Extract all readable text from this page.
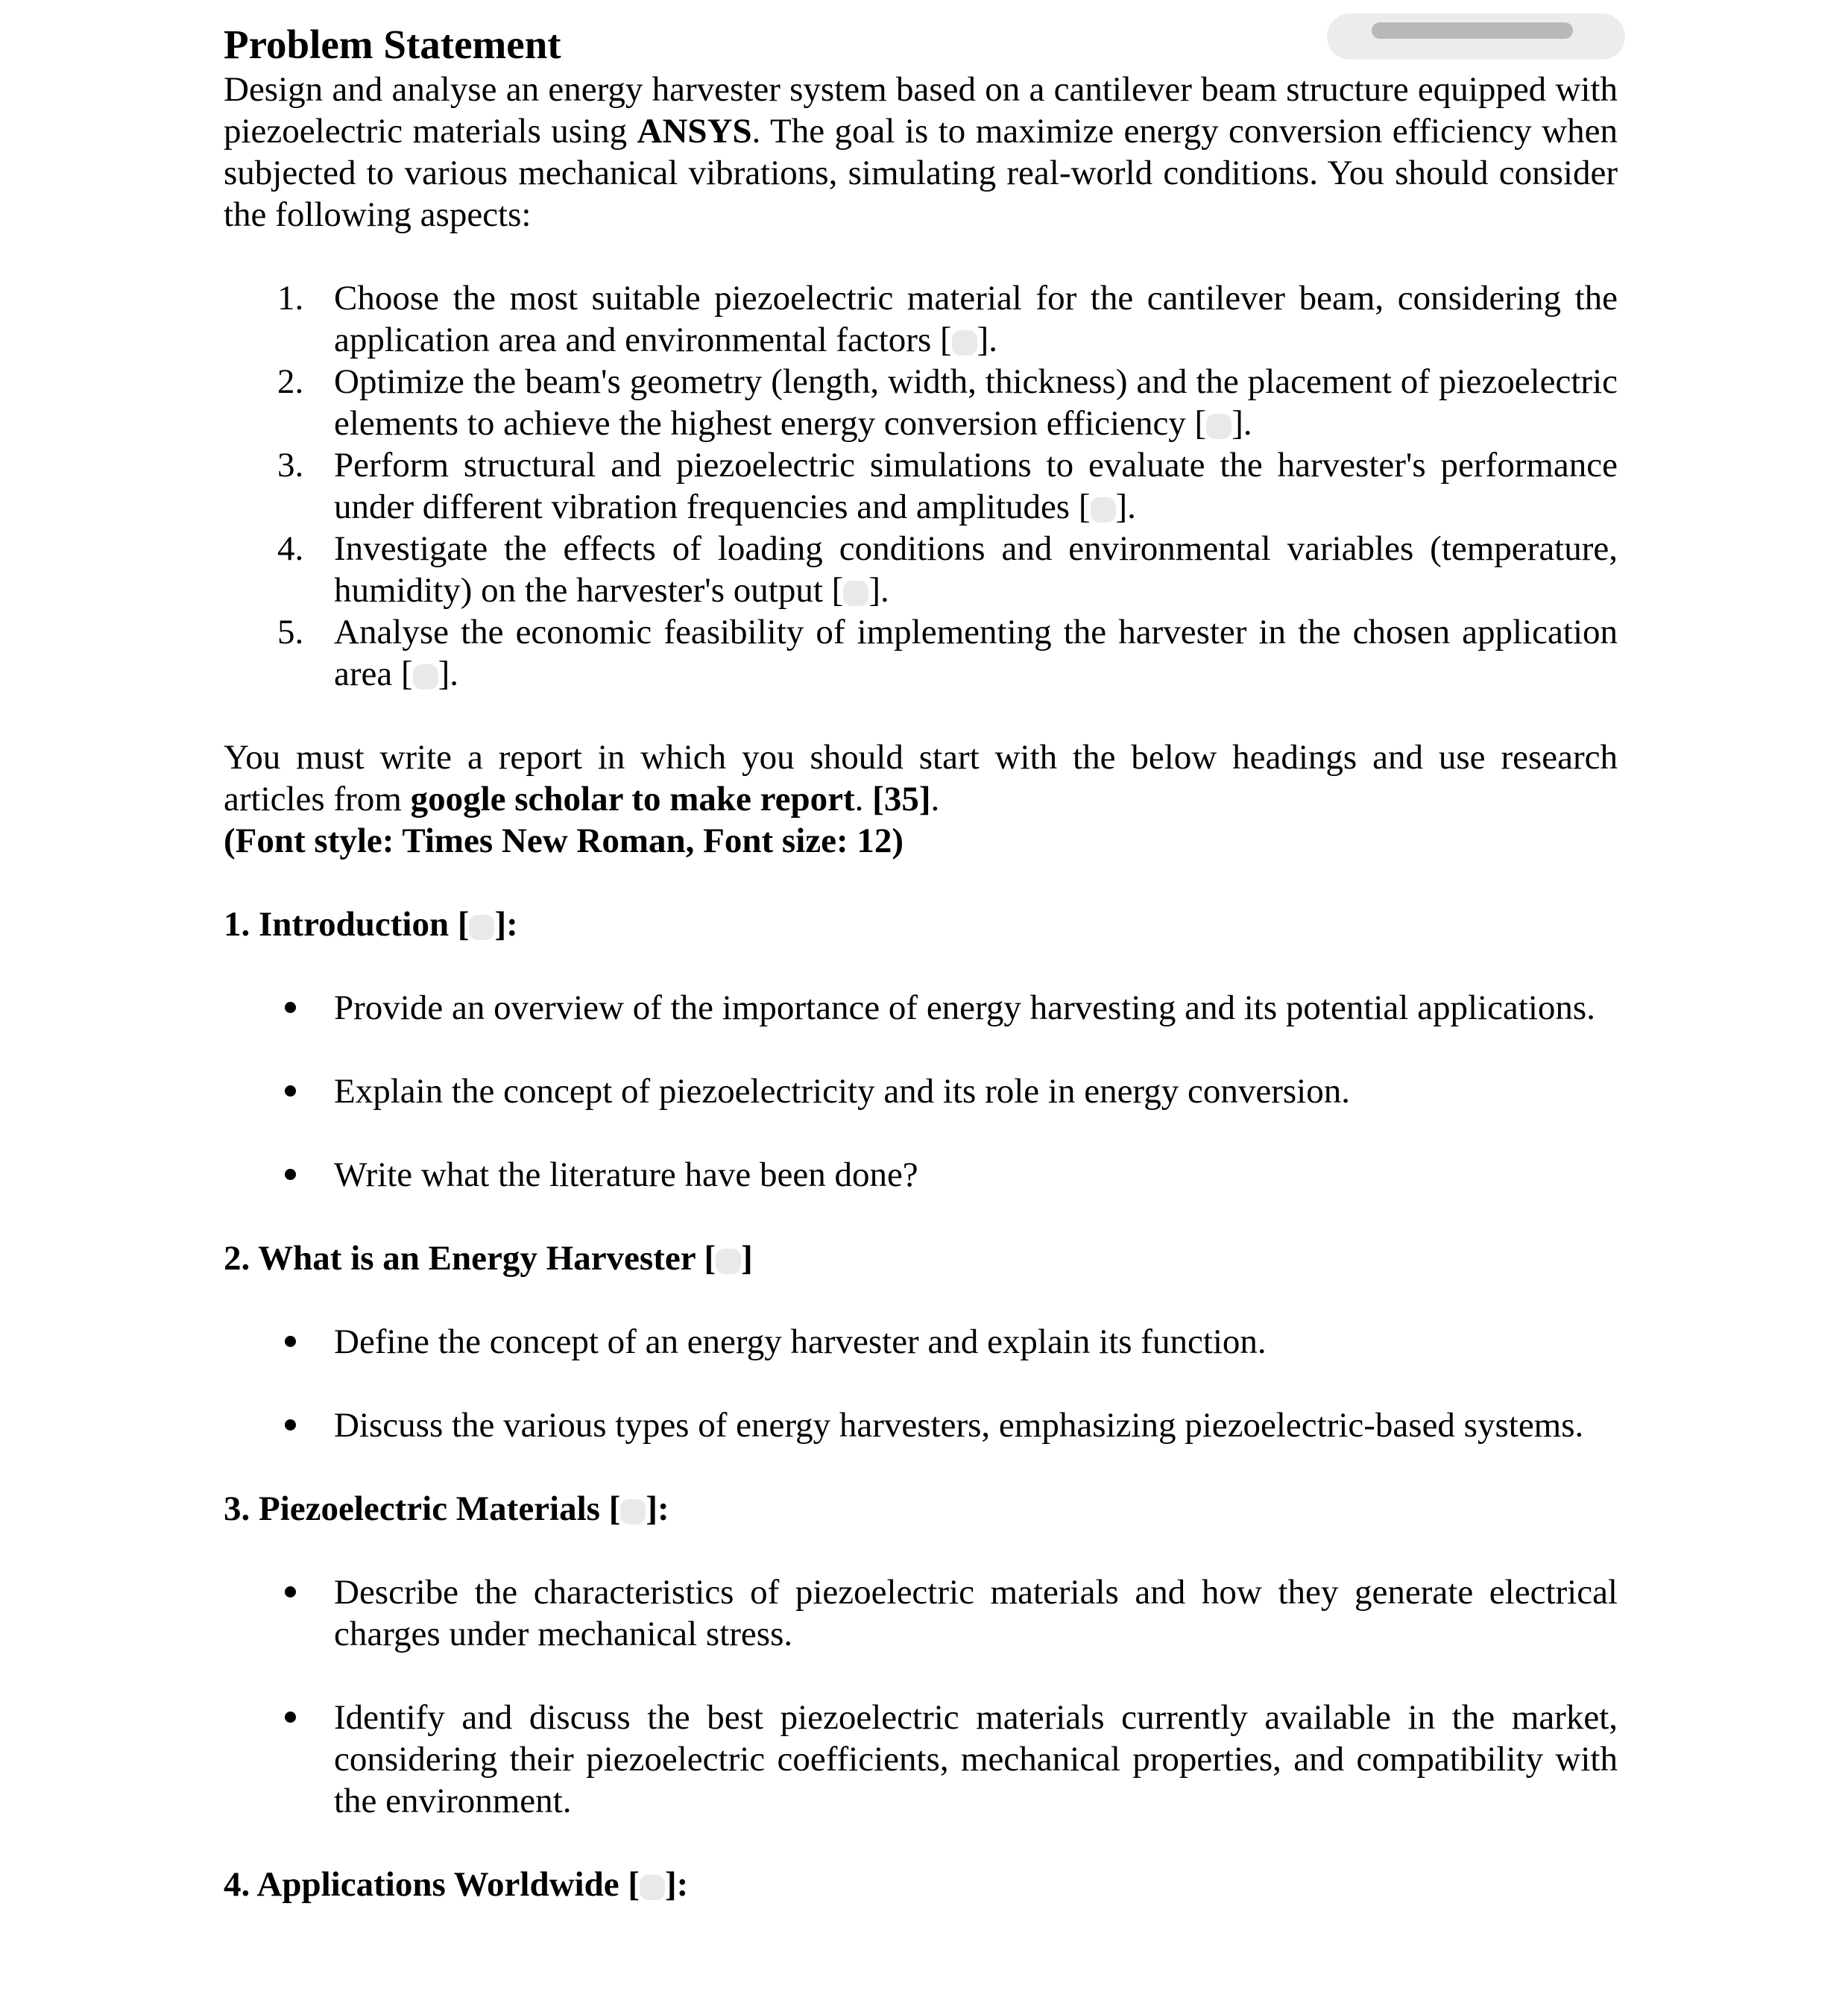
Problem Statement

Design and analyse an energy harvester system based on a cantilever beam structure equipped with piezoelectric materials using ANSYS. The goal is to maximize energy conversion efficiency when subjected to various mechanical vibrations, simulating real-world conditions. You should consider the following aspects:

1. Choose the most suitable piezoelectric material for the cantilever beam, considering the application area and environmental factors [ ].
2. Optimize the beam's geometry (length, width, thickness) and the placement of piezoelectric elements to achieve the highest energy conversion efficiency [ ].
3. Perform structural and piezoelectric simulations to evaluate the harvester's performance under different vibration frequencies and amplitudes [ ].
4. Investigate the effects of loading conditions and environmental variables (temperature, humidity) on the harvester's output [ ].
5. Analyse the economic feasibility of implementing the harvester in the chosen application area [ ].

You must write a report in which you should start with the below headings and use research articles from google scholar to make report. [35].
(Font style: Times New Roman, Font size: 12)

1. Introduction [ ]:
Provide an overview of the importance of energy harvesting and its potential applications.
Explain the concept of piezoelectricity and its role in energy conversion.
Write what the literature have been done?
2. What is an Energy Harvester [ ]
Define the concept of an energy harvester and explain its function.
Discuss the various types of energy harvesters, emphasizing piezoelectric-based systems.
3. Piezoelectric Materials [ ]:
Describe the characteristics of piezoelectric materials and how they generate electrical charges under mechanical stress.
Identify and discuss the best piezoelectric materials currently available in the market, considering their piezoelectric coefficients, mechanical properties, and compatibility with the environment.
4. Applications Worldwide [ ]:
